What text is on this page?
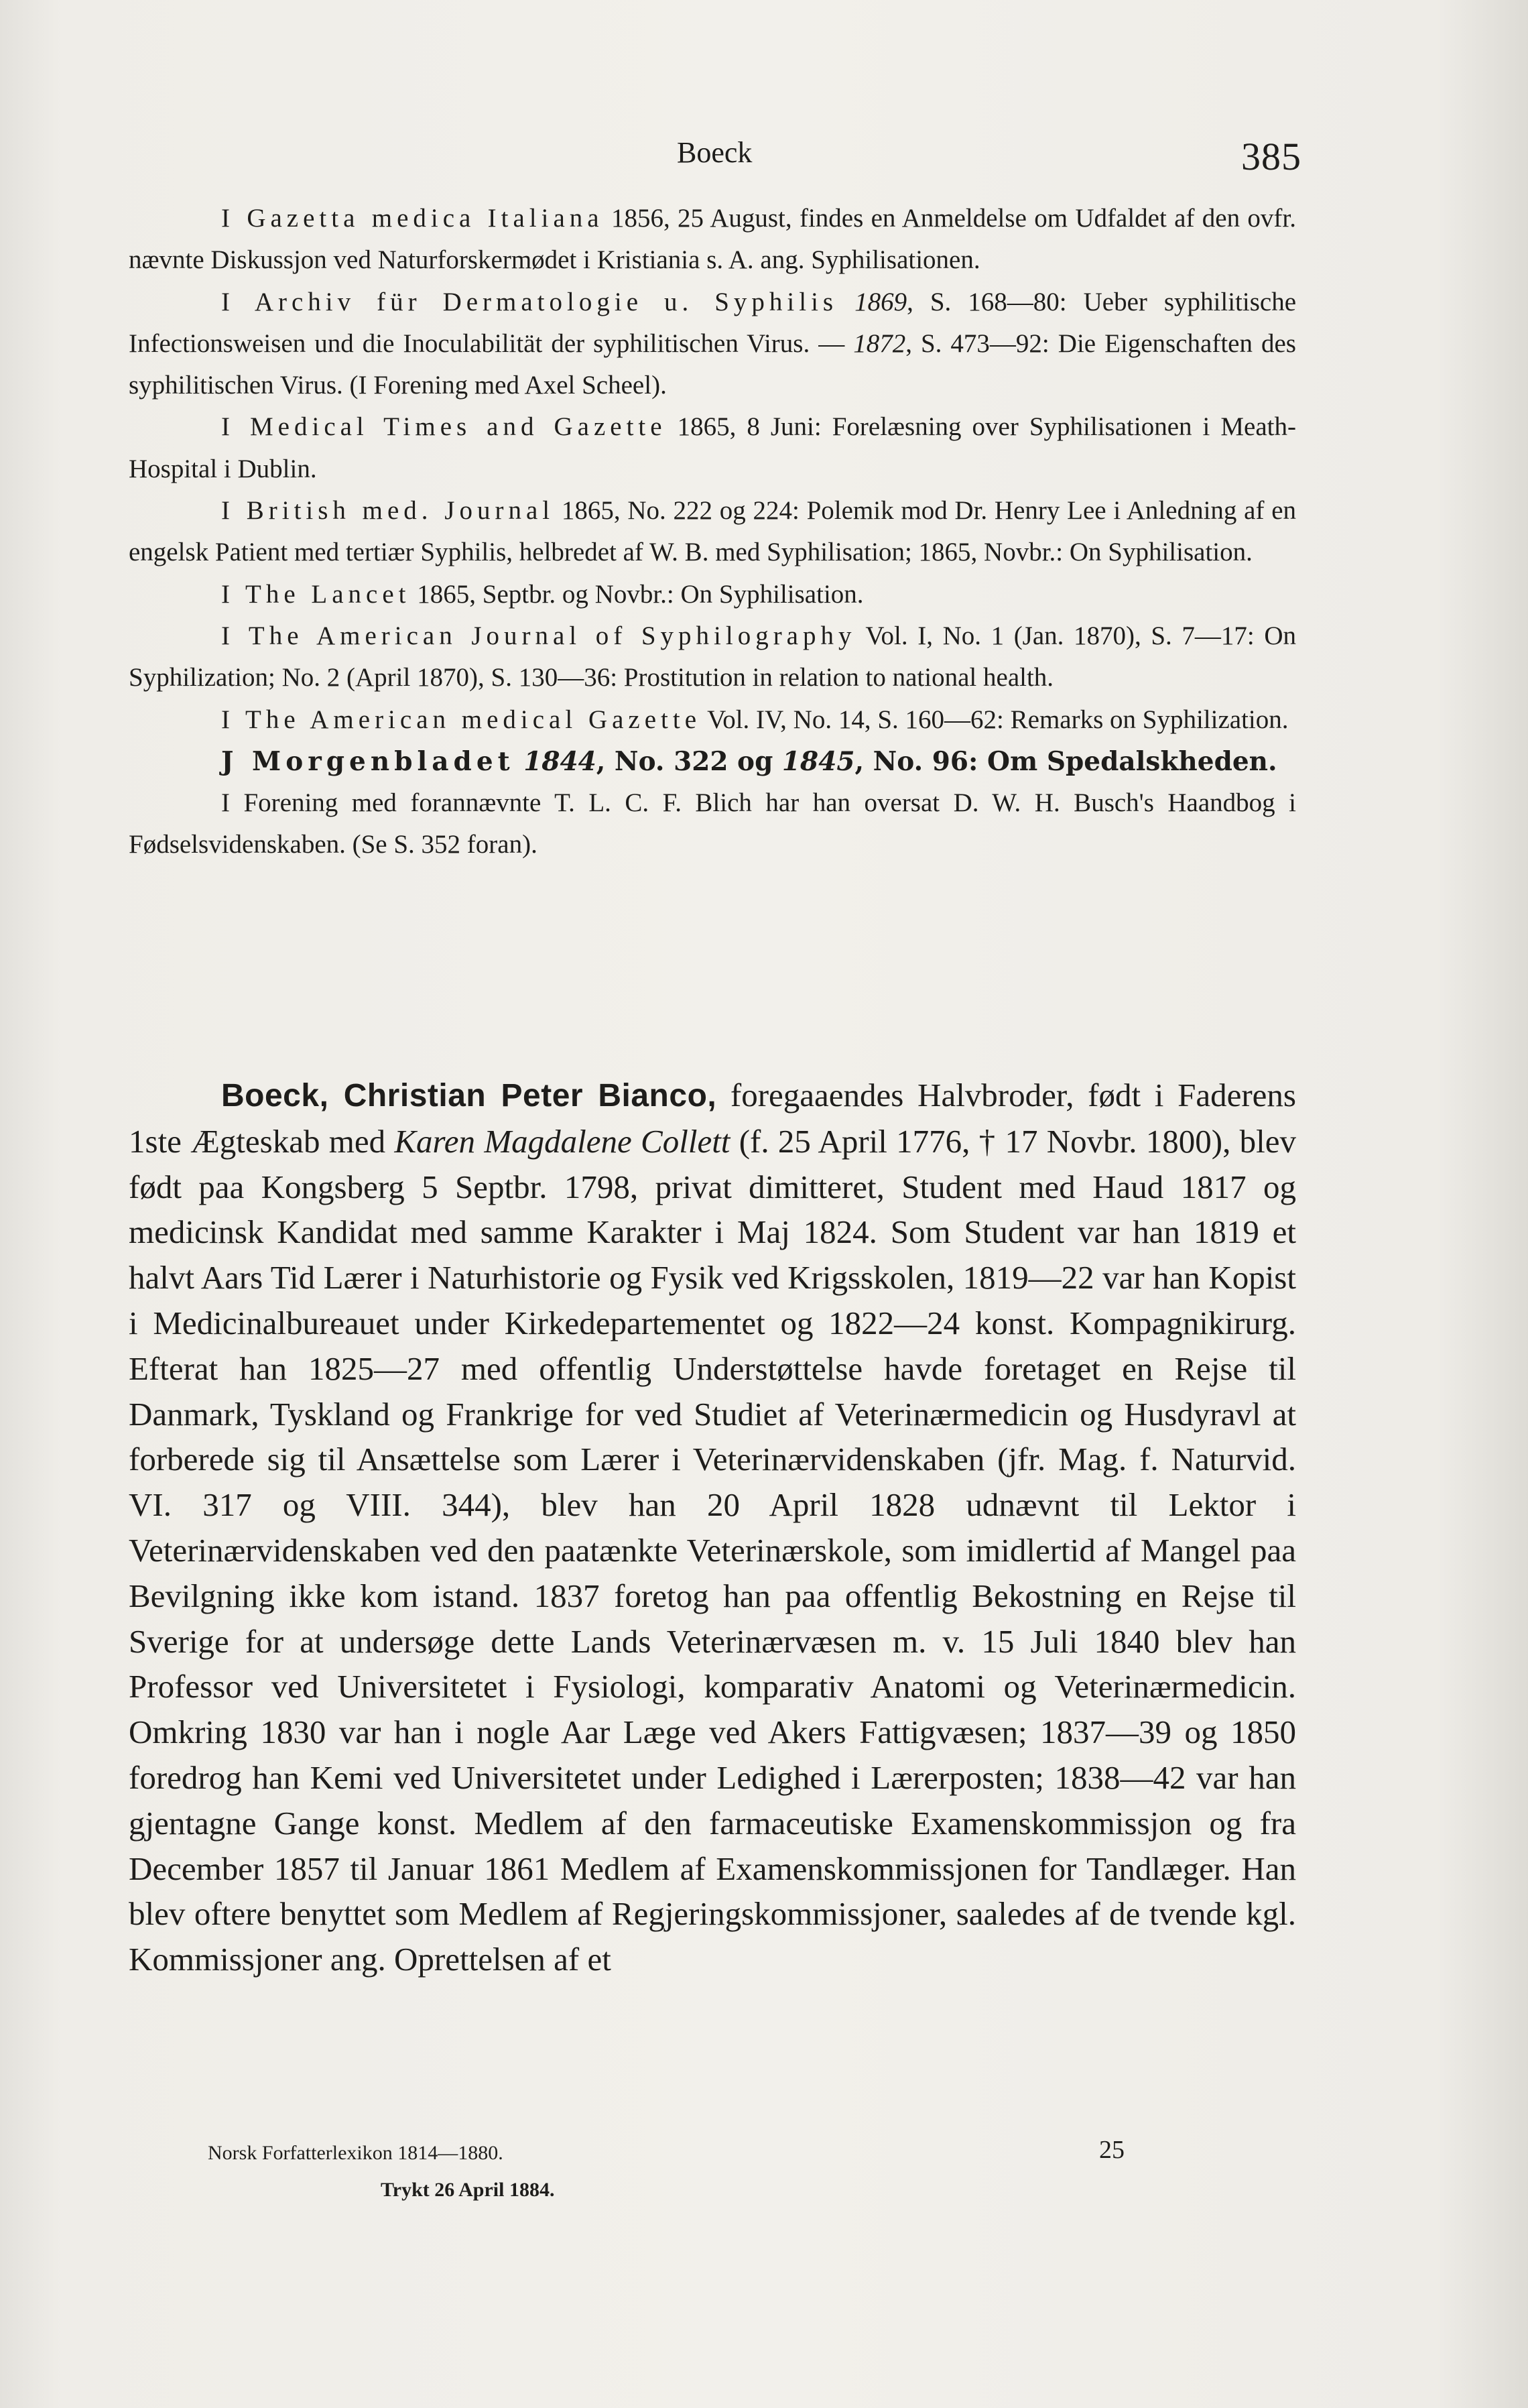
Boeck	385

I Gazetta medica Italiana 1856, 25 August, findes en Anmeldelse om Udfaldet af den ovfr. nævnte Diskussjon ved Naturforskermødet i Kristiania s. A. ang. Syphilisationen.

I Archiv für Dermatologie u. Syphilis 1869, S. 168—80: Ueber syphilitische Infectionsweisen und die Inoculabilität der syphilitischen Virus. — 1872, S. 473—92: Die Eigenschaften des syphilitischen Virus. (I Forening med Axel Scheel).

I Medical Times and Gazette 1865, 8 Juni: Forelæsning over Syphilisationen i Meath-Hospital i Dublin.

I British med. Journal 1865, No. 222 og 224: Polemik mod Dr. Henry Lee i Anledning af en engelsk Patient med tertiær Syphilis, helbredet af W. B. med Syphilisation; 1865, Novbr.: On Syphilisation.

I The Lancet 1865, Septbr. og Novbr.: On Syphilisation.

I The American Journal of Syphilography Vol. I, No. 1 (Jan. 1870), S. 7—17: On Syphilization; No. 2 (April 1870), S. 130—36: Prostitution in relation to national health.

I The American medical Gazette Vol. IV, No. 14, S. 160—62: Remarks on Syphilization.

J Morgenbladet 1844, No. 322 og 1845, No. 96: Om Spedalskheden.

I Forening med forannævnte T. L. C. F. Blich har han oversat D. W. H. Busch's Haandbog i Fødselsvidenskaben. (Se S. 352 foran).

Boeck, Christian Peter Bianco, foregaaendes Halvbroder, født i Faderens 1ste Ægteskab med Karen Magdalene Collett (f. 25 April 1776, † 17 Novbr. 1800), blev født paa Kongsberg 5 Septbr. 1798, privat dimitteret, Student med Haud 1817 og medicinsk Kandidat med samme Karakter i Maj 1824. Som Student var han 1819 et halvt Aars Tid Lærer i Naturhistorie og Fysik ved Krigsskolen, 1819—22 var han Kopist i Medicinalbureauet under Kirkedepartementet og 1822—24 konst. Kompagnikirurg. Efterat han 1825—27 med offentlig Understøttelse havde foretaget en Rejse til Danmark, Tyskland og Frankrige for ved Studiet af Veterinærmedicin og Husdyravl at forberede sig til Ansættelse som Lærer i Veterinærvidenskaben (jfr. Mag. f. Naturvid. VI. 317 og VIII. 344), blev han 20 April 1828 udnævnt til Lektor i Veterinærvidenskaben ved den paatænkte Veterinærskole, som imidlertid af Mangel paa Bevilgning ikke kom istand. 1837 foretog han paa offentlig Bekostning en Rejse til Sverige for at undersøge dette Lands Veterinærvæsen m. v. 15 Juli 1840 blev han Professor ved Universitetet i Fysiologi, komparativ Anatomi og Veterinærmedicin. Omkring 1830 var han i nogle Aar Læge ved Akers Fattigvæsen; 1837—39 og 1850 foredrog han Kemi ved Universitetet under Ledighed i Lærerposten; 1838—42 var han gjentagne Gange konst. Medlem af den farmaceutiske Examenskommissjon og fra December 1857 til Januar 1861 Medlem af Examenskommissjonen for Tandlæger. Han blev oftere benyttet som Medlem af Regjeringskommissjoner, saaledes af de tvende kgl. Kommissjoner ang. Oprettelsen af et

Norsk Forfatterlexikon 1814—1880.	25
Trykt 26 April 1884.
